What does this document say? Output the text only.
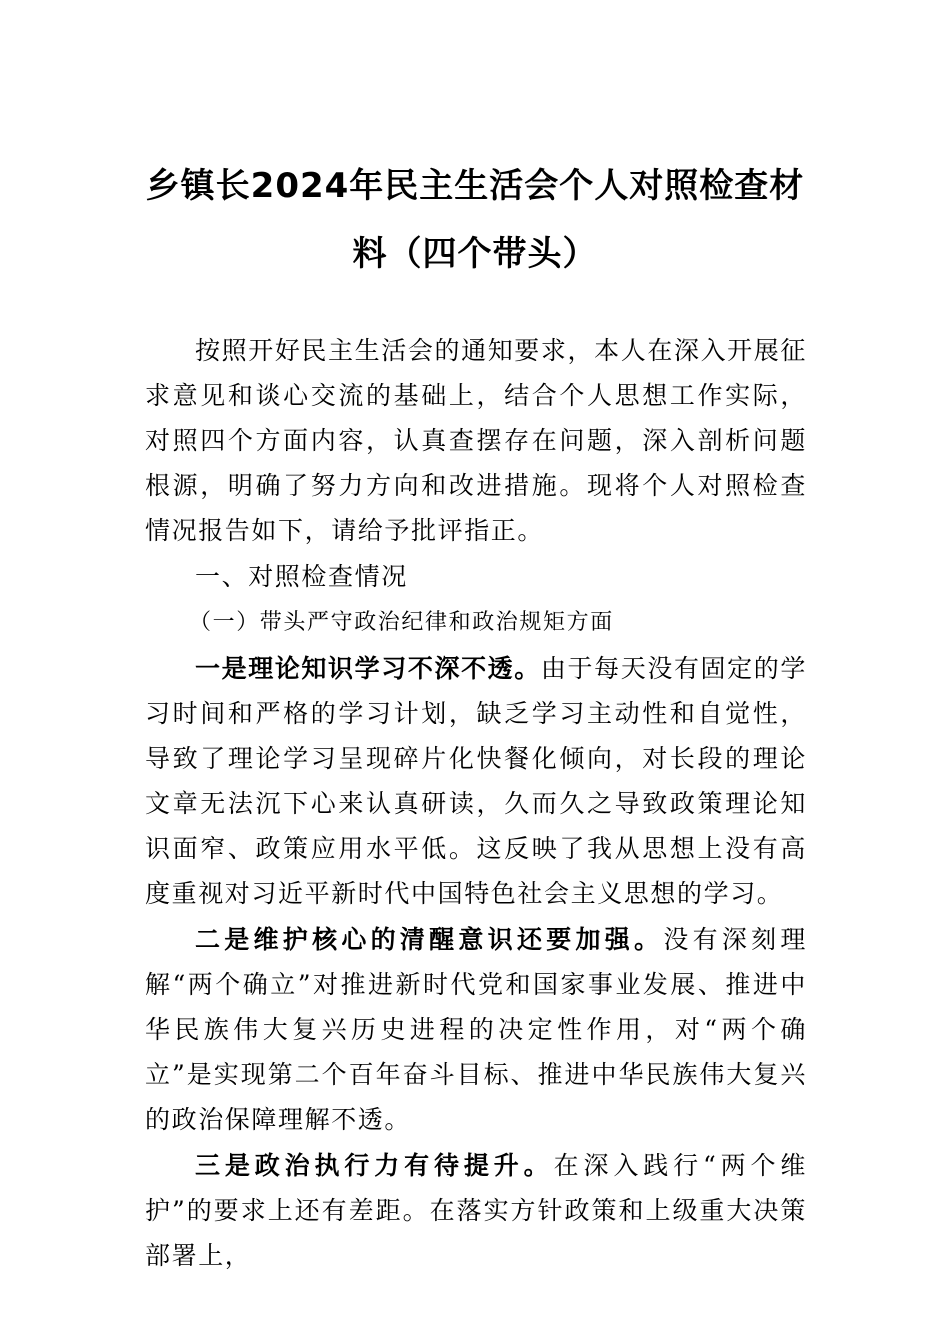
乡镇长2024年民主生活会个人对照检查材
料（四个带头）

按照开好民主生活会的通知要求，本人在深入开展征求意见和谈心交流的基础上，结合个人思想工作实际，对照四个方面内容，认真查摆存在问题，深入剖析问题根源，明确了努力方向和改进措施。现将个人对照检查情况报告如下，请给予批评指正。

一、对照检查情况

（一）带头严守政治纪律和政治规矩方面

一是理论知识学习不深不透。由于每天没有固定的学习时间和严格的学习计划，缺乏学习主动性和自觉性，导致了理论学习呈现碎片化快餐化倾向，对长段的理论文章无法沉下心来认真研读，久而久之导致政策理论知识面窄、政策应用水平低。这反映了我从思想上没有高度重视对习近平新时代中国特色社会主义思想的学习。

二是维护核心的清醒意识还要加强。没有深刻理解“两个确立”对推进新时代党和国家事业发展、推进中华民族伟大复兴历史进程的决定性作用，对“两个确立”是实现第二个百年奋斗目标、推进中华民族伟大复兴的政治保障理解不透。

三是政治执行力有待提升。在深入践行“两个维护”的要求上还有差距。在落实方针政策和上级重大决策部署上，
